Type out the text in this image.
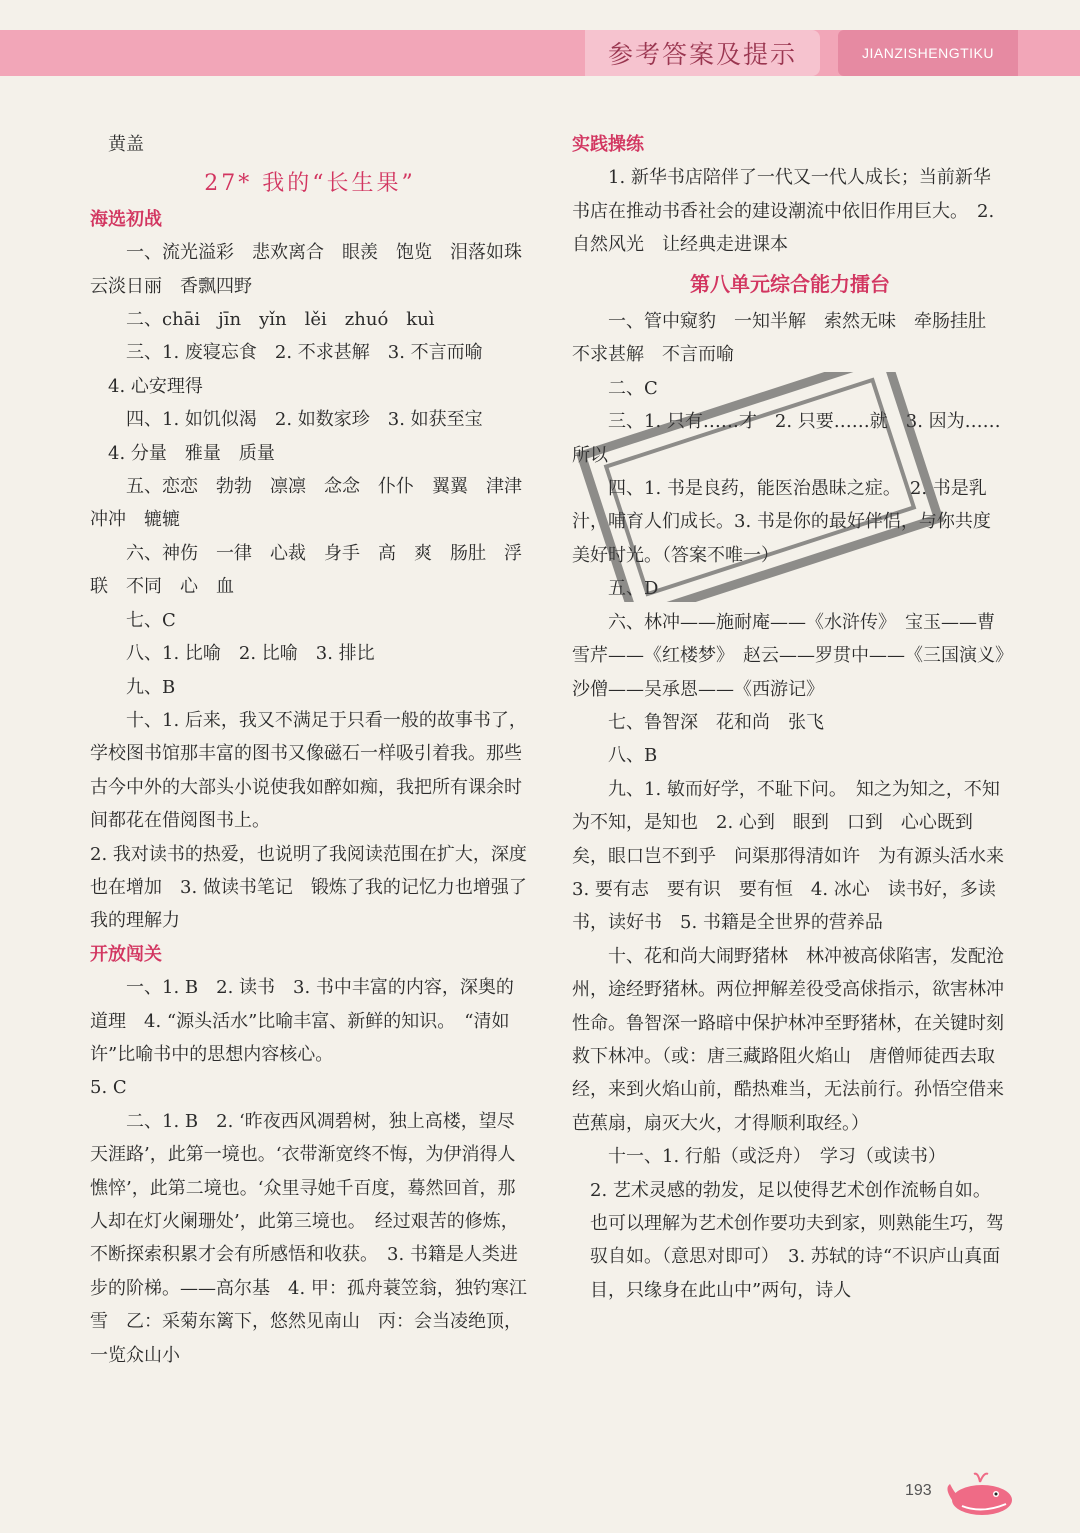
参考答案及提示	JIANZISHENGTIKU

黄盖

27* 我的“长生果”

海选初战

一、流光溢彩　悲欢离合　眼羡　饱览　泪落如珠　云淡日丽　香飘四野

二、chāi　jīn　yǐn　lěi　zhuó　kuì

三、1. 废寝忘食　2. 不求甚解　3. 不言而喻

4. 心安理得

四、1. 如饥似渴　2. 如数家珍　3. 如获至宝

4. 分量　雅量　质量

五、恋恋　勃勃　凛凛　念念　仆仆　翼翼　津津　冲冲　辘辘

六、神伤　一律　心裁　身手　高　爽　肠肚　浮　联　不同　心　血

七、C

八、1. 比喻　2. 比喻　3. 排比

九、B

十、1. 后来，我又不满足于只看一般的故事书了，学校图书馆那丰富的图书又像磁石一样吸引着我。那些古今中外的大部头小说使我如醉如痴，我把所有课余时间都花在借阅图书上。

2. 我对读书的热爱，也说明了我阅读范围在扩大，深度也在增加　3. 做读书笔记　锻炼了我的记忆力也增强了我的理解力

开放闯关

一、1. B　2. 读书　3. 书中丰富的内容，深奥的道理　4. “源头活水”比喻丰富、新鲜的知识。　“清如许”比喻书中的思想内容核心。

5. C

二、1. B　2. ‘昨夜西风凋碧树，独上高楼，望尽天涯路’，此第一境也。‘衣带渐宽终不悔，为伊消得人憔悴’，此第二境也。‘众里寻她千百度，蓦然回首，那人却在灯火阑珊处’，此第三境也。　经过艰苦的修炼，不断探索积累才会有所感悟和收获。　3. 书籍是人类进步的阶梯。——高尔基　4. 甲：孤舟蓑笠翁，独钓寒江雪　乙：采菊东篱下，悠然见南山　丙：会当凌绝顶，一览众山小

实践操练

1. 新华书店陪伴了一代又一代人成长；当前新华书店在推动书香社会的建设潮流中依旧作用巨大。　2. 自然风光　让经典走进课本

第八单元综合能力擂台

一、管中窥豹　一知半解　索然无味　牵肠挂肚　不求甚解　不言而喻

二、C

三、1. 只有……才　2. 只要……就　3. 因为……所以

四、1. 书是良药，能医治愚昧之症。　2. 书是乳汁，哺育人们成长。3. 书是你的最好伴侣，与你共度美好时光。（答案不唯一）

五、D

六、林冲——施耐庵——《水浒传》　宝玉——曹雪芹——《红楼梦》　赵云——罗贯中——《三国演义》　沙僧——吴承恩——《西游记》

七、鲁智深　花和尚　张飞

八、B

九、1. 敏而好学，不耻下问。　知之为知之，不知为不知，是知也　2. 心到　眼到　口到　心心既到矣，眼口岂不到乎　问渠那得清如许　为有源头活水来　3. 要有志　要有识　要有恒　4. 冰心　读书好，多读书，读好书　5. 书籍是全世界的营养品

十、花和尚大闹野猪林　林冲被高俅陷害，发配沧州，途经野猪林。两位押解差役受高俅指示，欲害林冲性命。鲁智深一路暗中保护林冲至野猪林，在关键时刻救下林冲。（或：唐三藏路阻火焰山　唐僧师徒西去取经，来到火焰山前，酷热难当，无法前行。孙悟空借来芭蕉扇，扇灭大火，才得顺利取经。）

十一、1. 行船（或泛舟）　学习（或读书）

2. 艺术灵感的勃发，足以使得艺术创作流畅自如。也可以理解为艺术创作要功夫到家，则熟能生巧，驾驭自如。（意思对即可）　3. 苏轼的诗“不识庐山真面目，只缘身在此山中”两句，诗人

193
